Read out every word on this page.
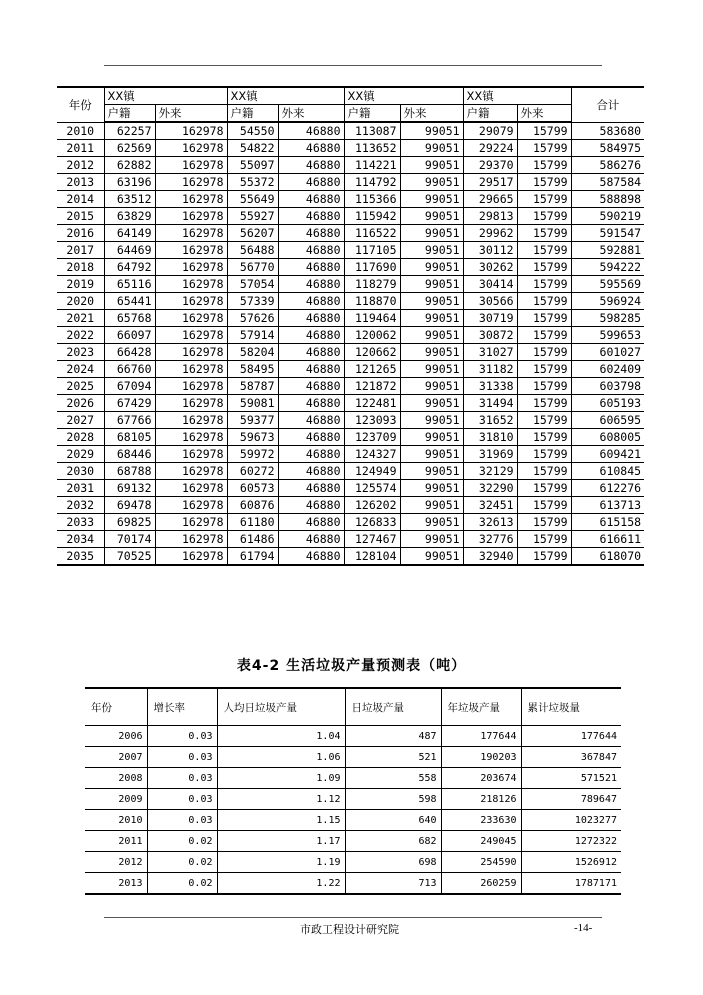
年份	XX镇		XX镇		XX镇		XX镇		合计
	户籍	外来	户籍	外来	户籍	外来	户籍	外来	
2010	62257	162978	54550	46880	113087	99051	29079	15799	583680
2011	62569	162978	54822	46880	113652	99051	29224	15799	584975
2012	62882	162978	55097	46880	114221	99051	29370	15799	586276
2013	63196	162978	55372	46880	114792	99051	29517	15799	587584
2014	63512	162978	55649	46880	115366	99051	29665	15799	588898
2015	63829	162978	55927	46880	115942	99051	29813	15799	590219
2016	64149	162978	56207	46880	116522	99051	29962	15799	591547
2017	64469	162978	56488	46880	117105	99051	30112	15799	592881
2018	64792	162978	56770	46880	117690	99051	30262	15799	594222
2019	65116	162978	57054	46880	118279	99051	30414	15799	595569
2020	65441	162978	57339	46880	118870	99051	30566	15799	596924
2021	65768	162978	57626	46880	119464	99051	30719	15799	598285
2022	66097	162978	57914	46880	120062	99051	30872	15799	599653
2023	66428	162978	58204	46880	120662	99051	31027	15799	601027
2024	66760	162978	58495	46880	121265	99051	31182	15799	602409
2025	67094	162978	58787	46880	121872	99051	31338	15799	603798
2026	67429	162978	59081	46880	122481	99051	31494	15799	605193
2027	67766	162978	59377	46880	123093	99051	31652	15799	606595
2028	68105	162978	59673	46880	123709	99051	31810	15799	608005
2029	68446	162978	59972	46880	124327	99051	31969	15799	609421
2030	68788	162978	60272	46880	124949	99051	32129	15799	610845
2031	69132	162978	60573	46880	125574	99051	32290	15799	612276
2032	69478	162978	60876	46880	126202	99051	32451	15799	613713
2033	69825	162978	61180	46880	126833	99051	32613	15799	615158
2034	70174	162978	61486	46880	127467	99051	32776	15799	616611
2035	70525	162978	61794	46880	128104	99051	32940	15799	618070
表4-2 生活垃圾产量预测表（吨）
年份	增长率	人均日垃圾产量	日垃圾产量	年垃圾产量	累计垃圾量
2006	0.03	1.04	487	177644	177644
2007	0.03	1.06	521	190203	367847
2008	0.03	1.09	558	203674	571521
2009	0.03	1.12	598	218126	789647
2010	0.03	1.15	640	233630	1023277
2011	0.02	1.17	682	249045	1272322
2012	0.02	1.19	698	254590	1526912
2013	0.02	1.22	713	260259	1787171
市政工程设计研究院	-14-
